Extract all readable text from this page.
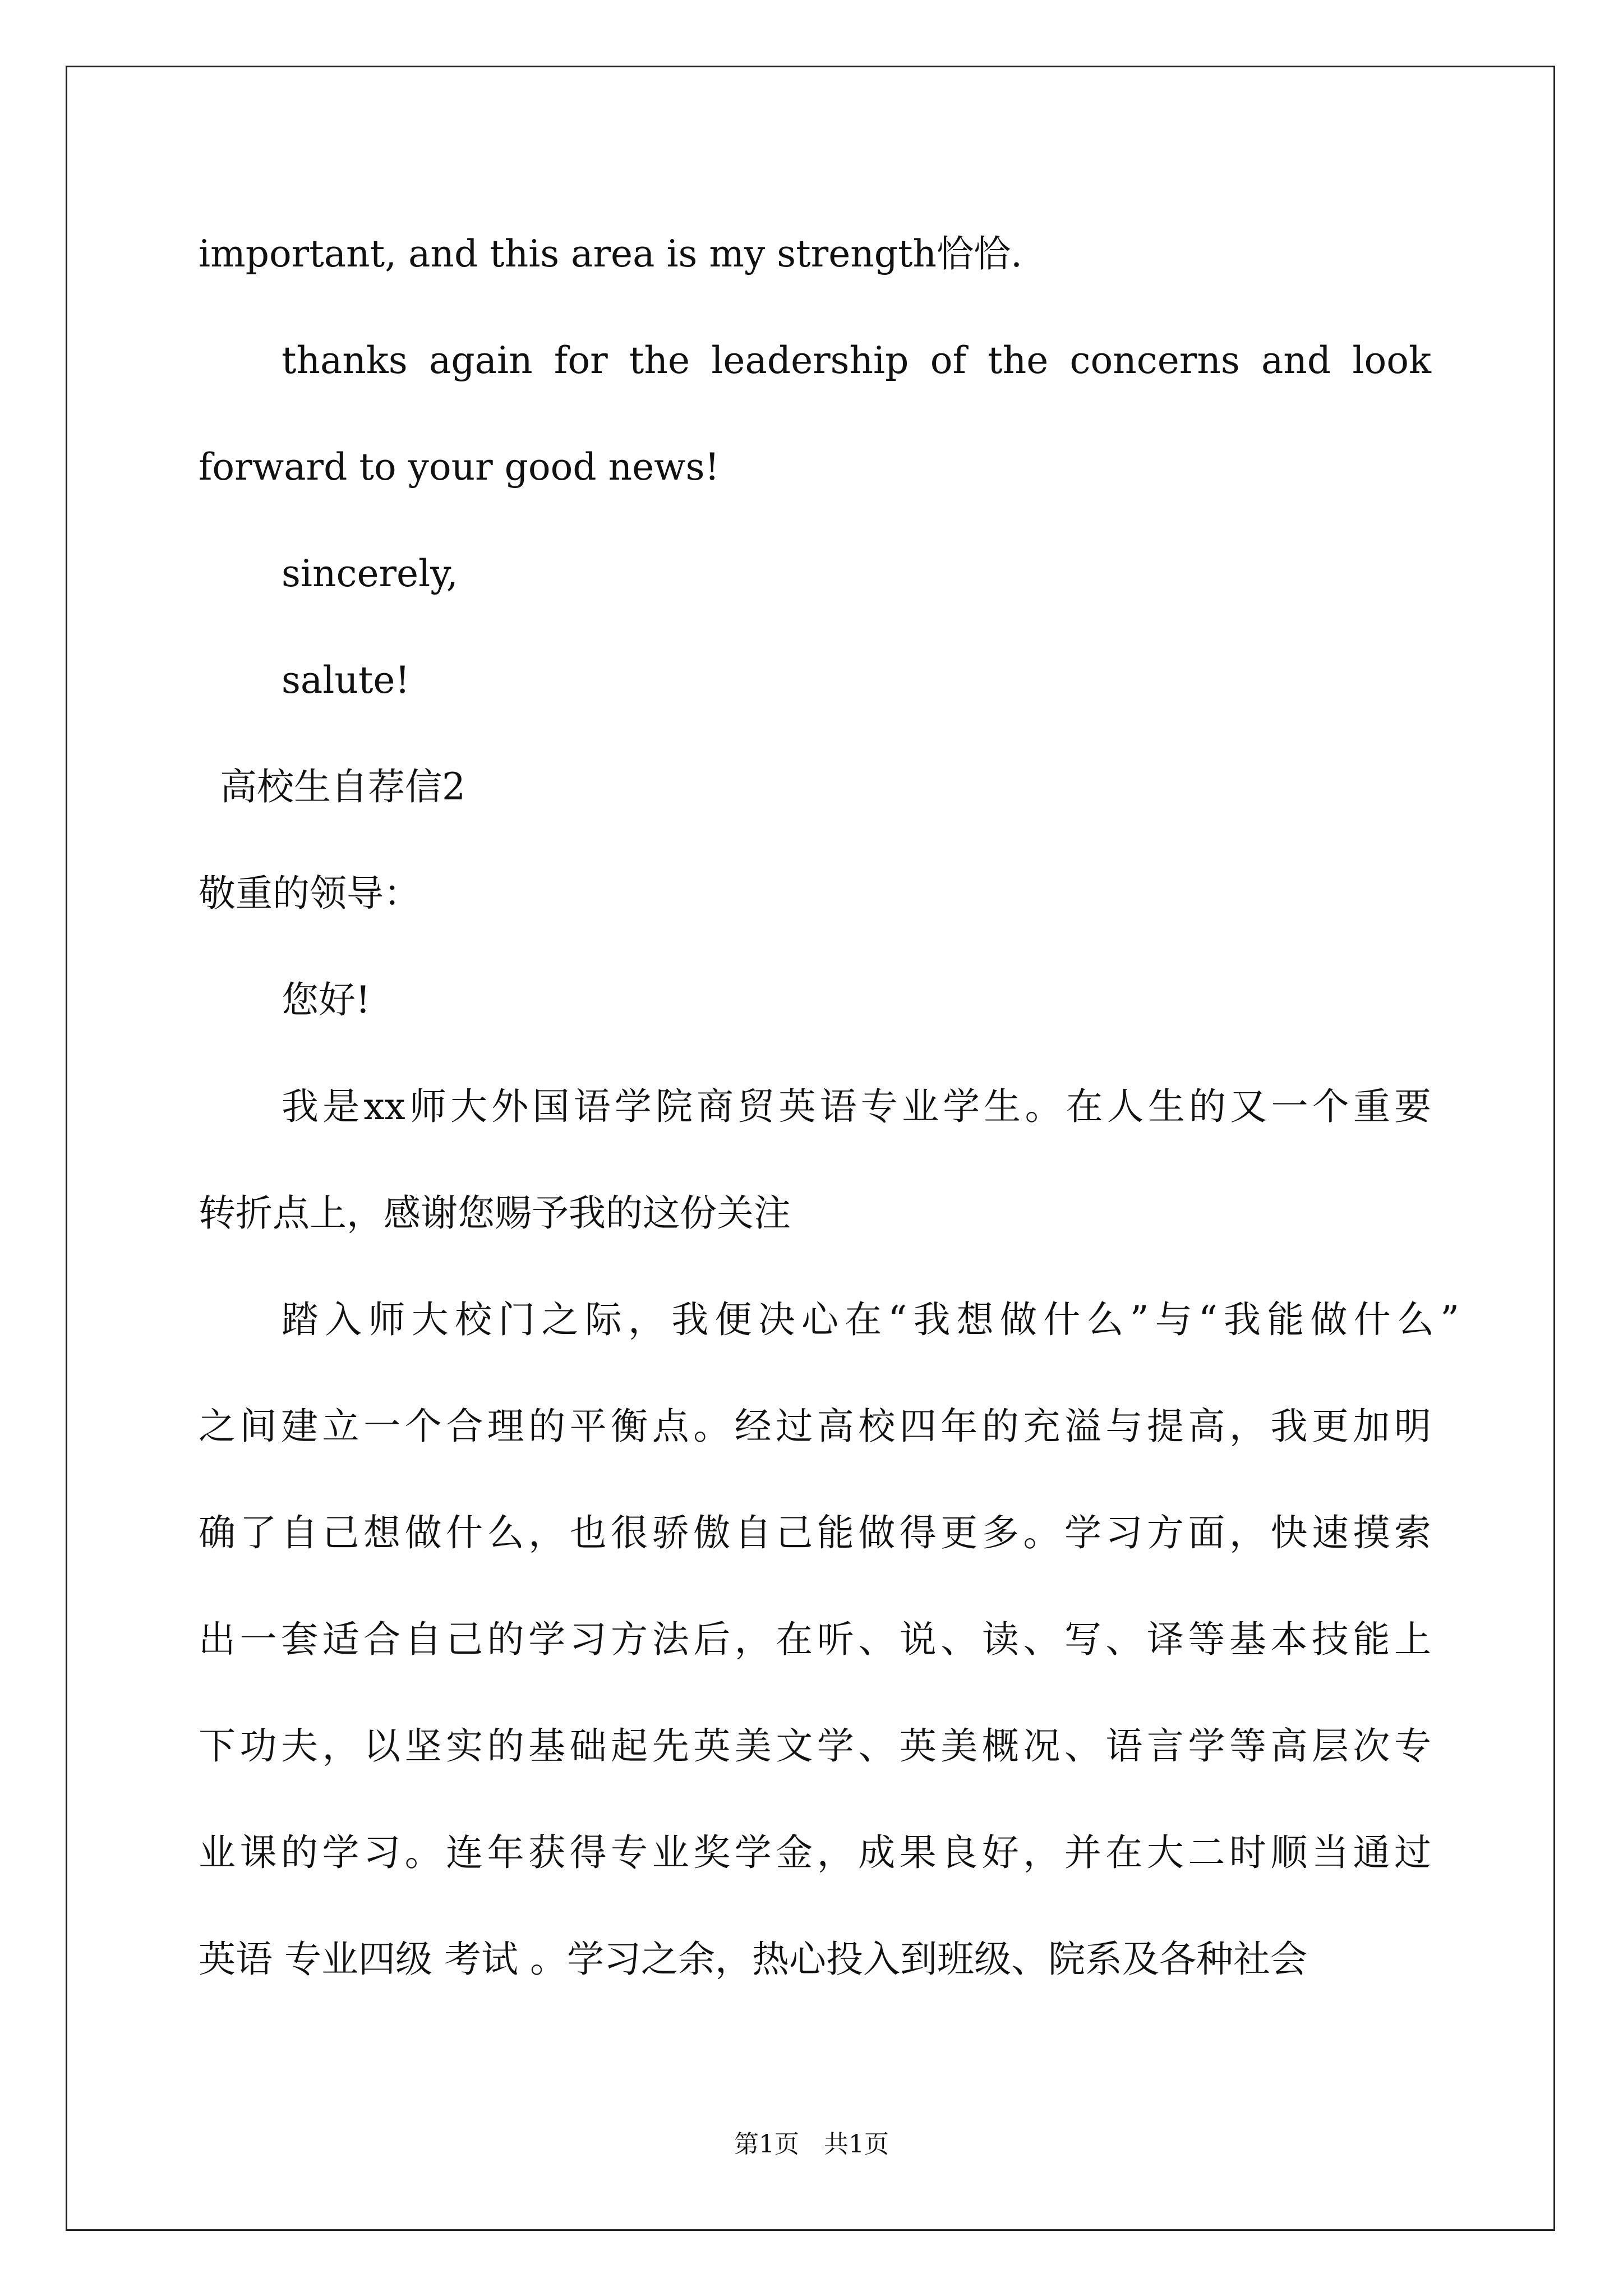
important, and this area is my strength恰恰.
thanks again for the leadership of the concerns and look
forward to your good news!
sincerely,
salute!
高校生自荐信2
敬重的领导：
您好!
我是xx师大外国语学院商贸英语专业学生。在人生的又一个重要
转折点上，感谢您赐予我的这份关注
踏入师大校门之际，我便决心在“我想做什么”与“我能做什么”
之间建立一个合理的平衡点。经过高校四年的充溢与提高，我更加明
确了自己想做什么，也很骄傲自己能做得更多。学习方面，快速摸索
出一套适合自己的学习方法后，在听、说、读、写、译等基本技能上
下功夫，以坚实的基础起先英美文学、英美概况、语言学等高层次专
业课的学习。连年获得专业奖学金，成果良好，并在大二时顺当通过
英语 专业四级 考试 。学习之余，热心投入到班级、院系及各种社会
第1页　共1页
